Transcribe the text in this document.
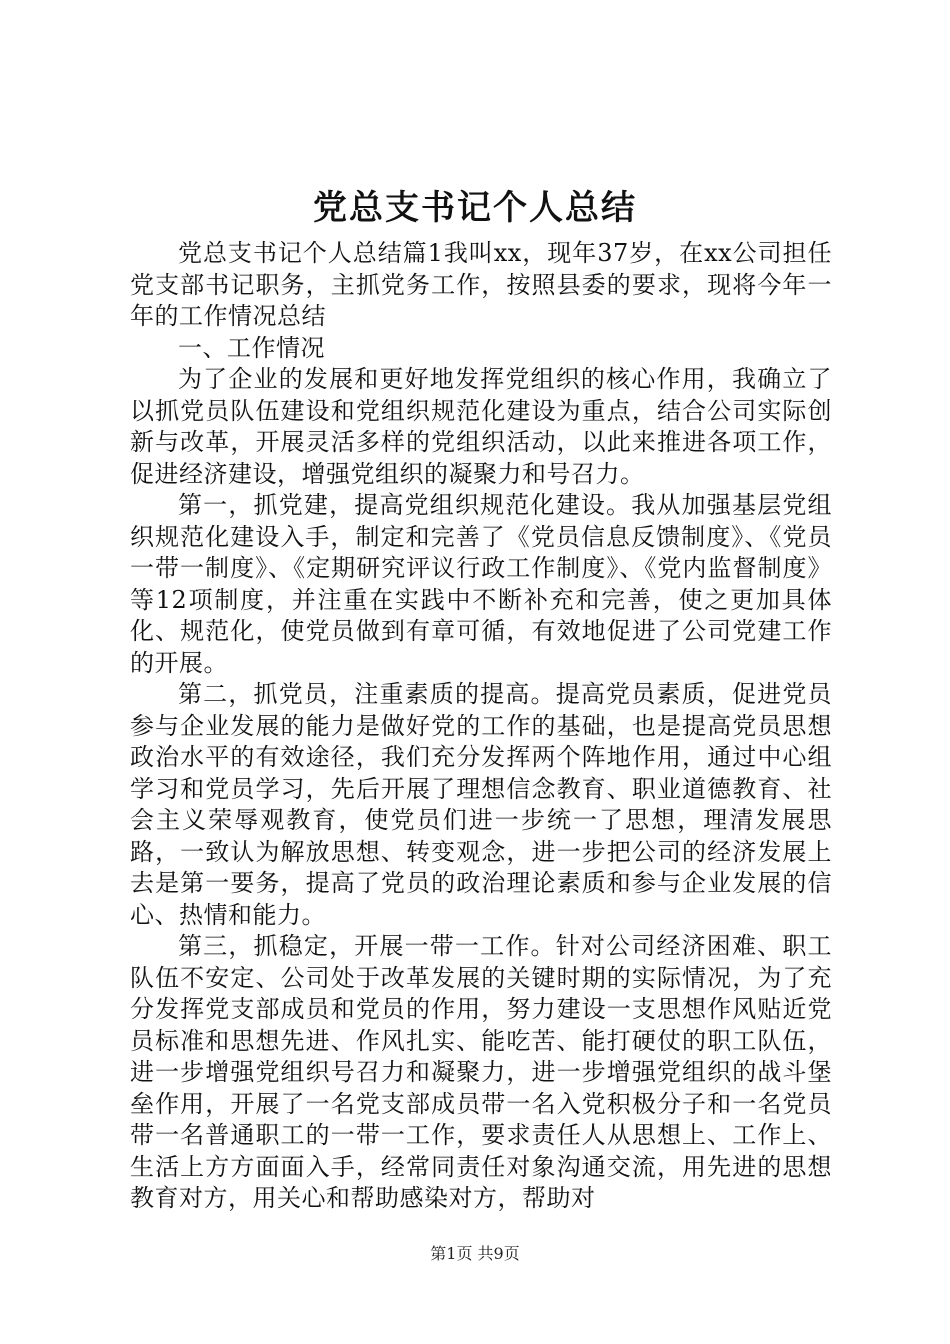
党总支书记个人总结

党总支书记个人总结篇1我叫xx，现年37岁，在xx公司担任党支部书记职务，主抓党务工作，按照县委的要求，现将今年一年的工作情况总结

一、工作情况

为了企业的发展和更好地发挥党组织的核心作用，我确立了以抓党员队伍建设和党组织规范化建设为重点，结合公司实际创新与改革，开展灵活多样的党组织活动，以此来推进各项工作，促进经济建设，增强党组织的凝聚力和号召力。

第一，抓党建，提高党组织规范化建设。我从加强基层党组织规范化建设入手，制定和完善了《党员信息反馈制度》、《党员一带一制度》、《定期研究评议行政工作制度》、《党内监督制度》等12项制度，并注重在实践中不断补充和完善，使之更加具体化、规范化，使党员做到有章可循，有效地促进了公司党建工作的开展。

第二，抓党员，注重素质的提高。提高党员素质，促进党员参与企业发展的能力是做好党的工作的基础，也是提高党员思想政治水平的有效途径，我们充分发挥两个阵地作用，通过中心组学习和党员学习，先后开展了理想信念教育、职业道德教育、社会主义荣辱观教育，使党员们进一步统一了思想，理清发展思路，一致认为解放思想、转变观念，进一步把公司的经济发展上去是第一要务，提高了党员的政治理论素质和参与企业发展的信心、热情和能力。

第三，抓稳定，开展一带一工作。针对公司经济困难、职工队伍不安定、公司处于改革发展的关键时期的实际情况，为了充分发挥党支部成员和党员的作用，努力建设一支思想作风贴近党员标准和思想先进、作风扎实、能吃苦、能打硬仗的职工队伍，进一步增强党组织号召力和凝聚力，进一步增强党组织的战斗堡垒作用，开展了一名党支部成员带一名入党积极分子和一名党员带一名普通职工的一带一工作，要求责任人从思想上、工作上、生活上方方面面入手，经常同责任对象沟通交流，用先进的思想教育对方，用关心和帮助感染对方，帮助对

第1页 共9页
